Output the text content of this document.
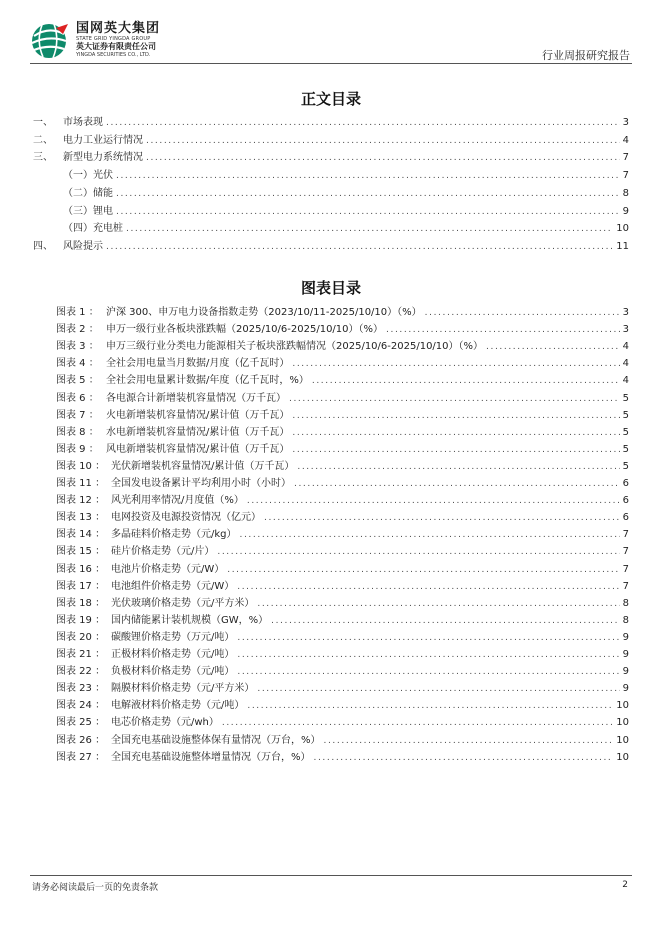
国网英大集团
STATE GRID YINGDA GROUP
英大证券有限责任公司
YINGDA SECURITIES CO., LTD.	行业周报研究报告
正文目录
一、	市场表现 .....	3
二、	电力工业运行情况 .....	4
三、	新型电力系统情况 .....	7
（一） 光伏 .....	7
（二） 储能 .....	8
（三） 锂电 .....	9
（四） 充电桩 .....	10
四、	风险提示 .....	11
图表目录
图表 1 ： 沪深 300、申万电力设备指数走势（2023/10/11-2025/10/10）（%） .....	3
图表 2 ： 申万一级行业各板块涨跌幅（2025/10/6-2025/10/10）（%） .....	3
图表 3 ： 申万三级行业分类电力能源相关子板块涨跌幅情况（2025/10/6-2025/10/10）（%） .....	4
图表 4 ： 全社会用电量当月数据/月度（亿千瓦时） .....	4
图表 5 ： 全社会用电量累计数据/年度（亿千瓦时，%） .....	4
图表 6 ： 各电源合计新增装机容量情况（万千瓦） .....	5
图表 7 ： 火电新增装机容量情况/累计值（万千瓦） .....	5
图表 8 ： 水电新增装机容量情况/累计值（万千瓦） .....	5
图表 9 ： 风电新增装机容量情况/累计值（万千瓦） .....	5
图表 10 ： 光伏新增装机容量情况/累计值（万千瓦） .....	5
图表 11 ： 全国发电设备累计平均利用小时（小时） .....	6
图表 12 ： 风光利用率情况/月度值（%） .....	6
图表 13 ： 电网投资及电源投资情况（亿元） .....	6
图表 14 ： 多晶硅料价格走势（元/kg） .....	7
图表 15 ： 硅片价格走势（元/片） .....	7
图表 16 ： 电池片价格走势（元/W） .....	7
图表 17 ： 电池组件价格走势（元/W） .....	7
图表 18 ： 光伏玻璃价格走势（元/平方米） .....	8
图表 19 ： 国内储能累计装机规模（GW，%） .....	8
图表 20 ： 碳酸锂价格走势（万元/吨） .....	9
图表 21 ： 正极材料价格走势（元/吨） .....	9
图表 22 ： 负极材料价格走势（元/吨） .....	9
图表 23 ： 隔膜材料价格走势（元/平方米） .....	9
图表 24 ： 电解液材料价格走势（元/吨） .....	10
图表 25 ： 电芯价格走势（元/wh） .....	10
图表 26 ： 全国充电基础设施整体保有量情况（万台，%） .....	10
图表 27 ： 全国充电基础设施整体增量情况（万台，%） .....	10
请务必阅读最后一页的免责条款	2
